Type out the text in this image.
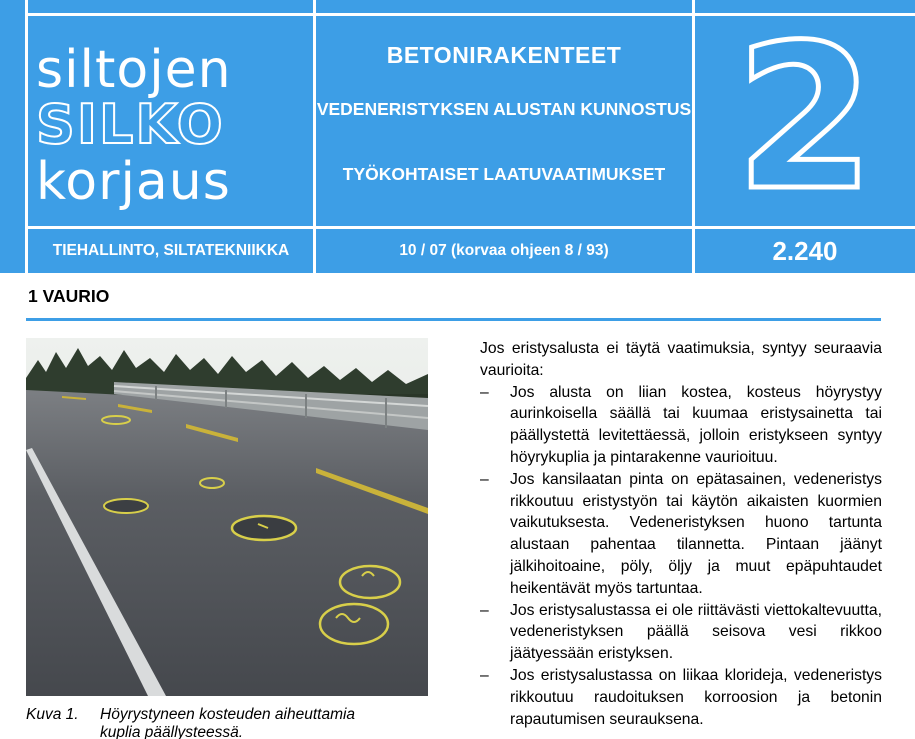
siltojen
SILKO
korjaus
BETONIRAKENTEET
VEDENERISTYKSEN ALUSTAN KUNNOSTUS
TYÖKOHTAISET LAATUVAATIMUKSET 2
TIEHALLINTO, SILTATEKNIIKKA	10 / 07 (korvaa ohjeen 8 / 93)	2.240
1 VAURIO
Kuva 1. Höyrystyneen kosteuden aiheuttamia
kuplia päällysteessä.

Jos eristysalusta ei täytä vaatimuksia, syntyy seuraavia vaurioita:

– Jos alusta on liian kostea, kosteus höyrystyy aurinkoisella säällä tai kuumaa eristysainetta tai päällystettä levitettäessä, jolloin eristykseen syntyy höyrykuplia ja pintarakenne vaurioituu.
– Jos kansilaatan pinta on epätasainen, vedeneristys rikkoutuu eristystyön tai käytön aikaisten kuormien vaikutuksesta. Vedeneristyksen huono tartunta alustaan pahentaa tilannetta. Pintaan jäänyt jälkihoitoaine, pöly, öljy ja muut epäpuhtaudet heikentävät myös tartuntaa.
– Jos eristysalustassa ei ole riittävästi viettokaltevuutta, vedeneristyksen päällä seisova vesi rikkoo jäätyessään eristyksen.
– Jos eristysalustassa on liikaa klorideja, vedeneristys rikkoutuu raudoituksen korroosion ja betonin rapautumisen seurauksena.
